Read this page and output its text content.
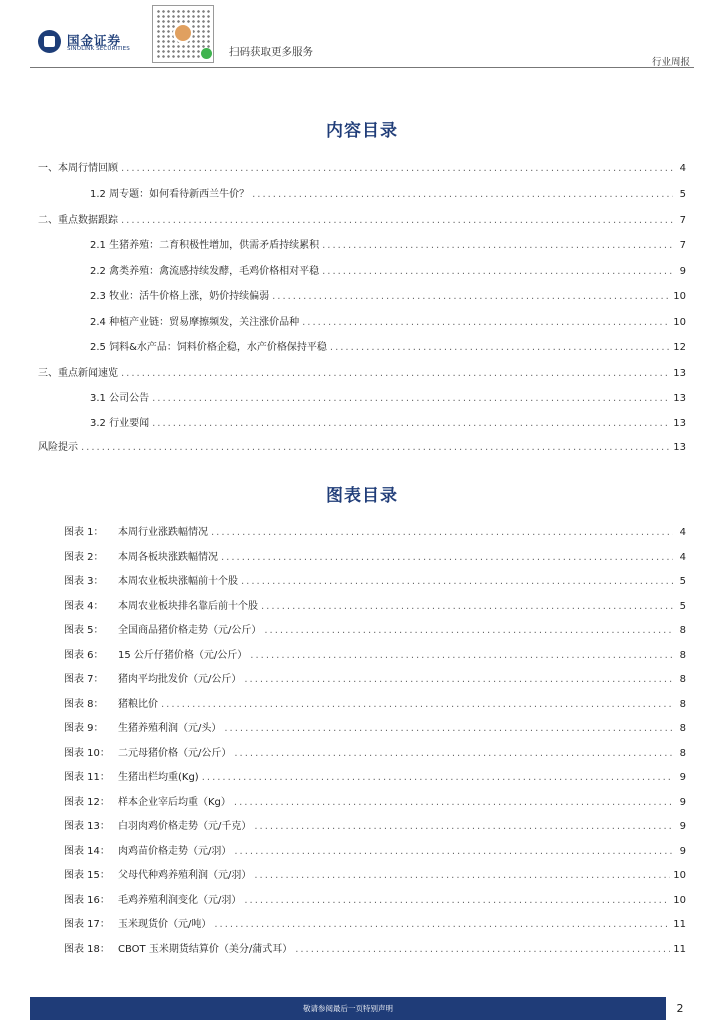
国金证券
SINOLINK SECURITIES	扫码获取更多服务
行业周报
内容目录
一、本周行情回顾 .....	4
1.2 周专题：如何看待新西兰牛价？ .....	5
二、重点数据跟踪 .....	7
2.1 生猪养殖：二育积极性增加，供需矛盾持续累积 .....	7
2.2 禽类养殖：禽流感持续发酵，毛鸡价格相对平稳 .....	9
2.3 牧业：活牛价格上涨，奶价持续偏弱 .....	10
2.4 种植产业链：贸易摩擦频发，关注涨价品种 .....	10
2.5 饲料&水产品：饲料价格企稳，水产价格保持平稳 .....	12
三、重点新闻速览 .....	13
3.1 公司公告 .....	13
3.2 行业要闻 .....	13
风险提示 .....	13
图表目录
图表 1：	本周行业涨跌幅情况 .....	4
图表 2：	本周各板块涨跌幅情况 .....	4
图表 3：	本周农业板块涨幅前十个股 .....	5
图表 4：	本周农业板块排名靠后前十个股 .....	5
图表 5：	全国商品猪价格走势（元/公斤） .....	8
图表 6：	15 公斤仔猪价格（元/公斤） .....	8
图表 7：	猪肉平均批发价（元/公斤） .....	8
图表 8：	猪粮比价 .....	8
图表 9：	生猪养殖利润（元/头） .....	8
图表 10： 二元母猪价格（元/公斤） .....	8
图表 11： 生猪出栏均重(Kg) .....	9
图表 12： 样本企业宰后均重（Kg） .....	9
图表 13： 白羽肉鸡价格走势（元/千克） .....	9
图表 14： 肉鸡苗价格走势（元/羽） .....	9
图表 15： 父母代种鸡养殖利润（元/羽） .....	10
图表 16： 毛鸡养殖利润变化（元/羽） .....	10
图表 17： 玉米现货价（元/吨） .....	11
图表 18： CBOT 玉米期货结算价（美分/蒲式耳） .....	11
敬请参阅最后一页特别声明	2
